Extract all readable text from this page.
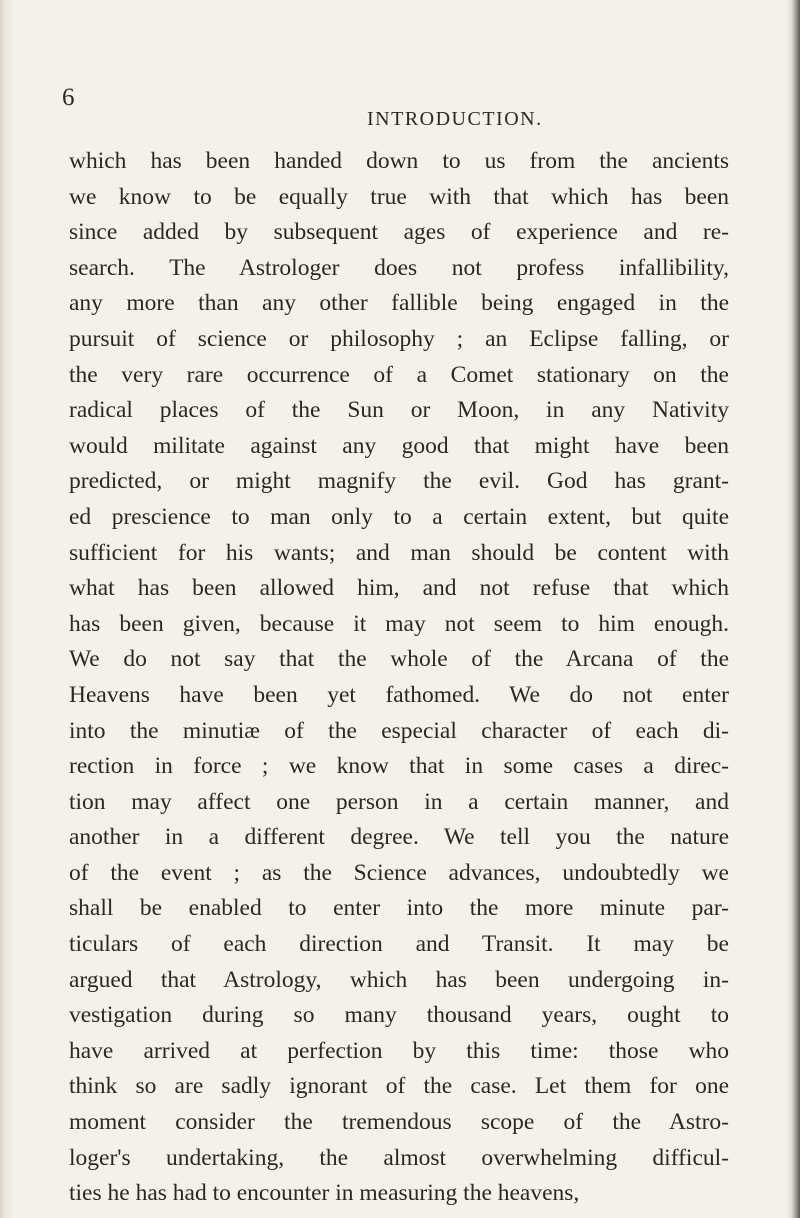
6
INTRODUCTION.
which has been handed down to us from the ancients
we know to be equally true with that which has been
since added by subsequent ages of experience and re-
search. The Astrologer does not profess infallibility,
any more than any other fallible being engaged in the
pursuit of science or philosophy ; an Eclipse falling, or
the very rare occurrence of a Comet stationary on the
radical places of the Sun or Moon, in any Nativity
would militate against any good that might have been
predicted, or might magnify the evil. God has grant-
ed prescience to man only to a certain extent, but quite
sufficient for his wants; and man should be content with
what has been allowed him, and not refuse that which
has been given, because it may not seem to him enough.
We do not say that the whole of the Arcana of the
Heavens have been yet fathomed. We do not enter
into the minutiæ of the especial character of each di-
rection in force ; we know that in some cases a direc-
tion may affect one person in a certain manner, and
another in a different degree. We tell you the nature
of the event ; as the Science advances, undoubtedly we
shall be enabled to enter into the more minute par-
ticulars of each direction and Transit. It may be
argued that Astrology, which has been undergoing in-
vestigation during so many thousand years, ought to
have arrived at perfection by this time: those who
think so are sadly ignorant of the case. Let them for one
moment consider the tremendous scope of the Astro-
loger's undertaking, the almost overwhelming difficul-
ties he has had to encounter in measuring the heavens,
